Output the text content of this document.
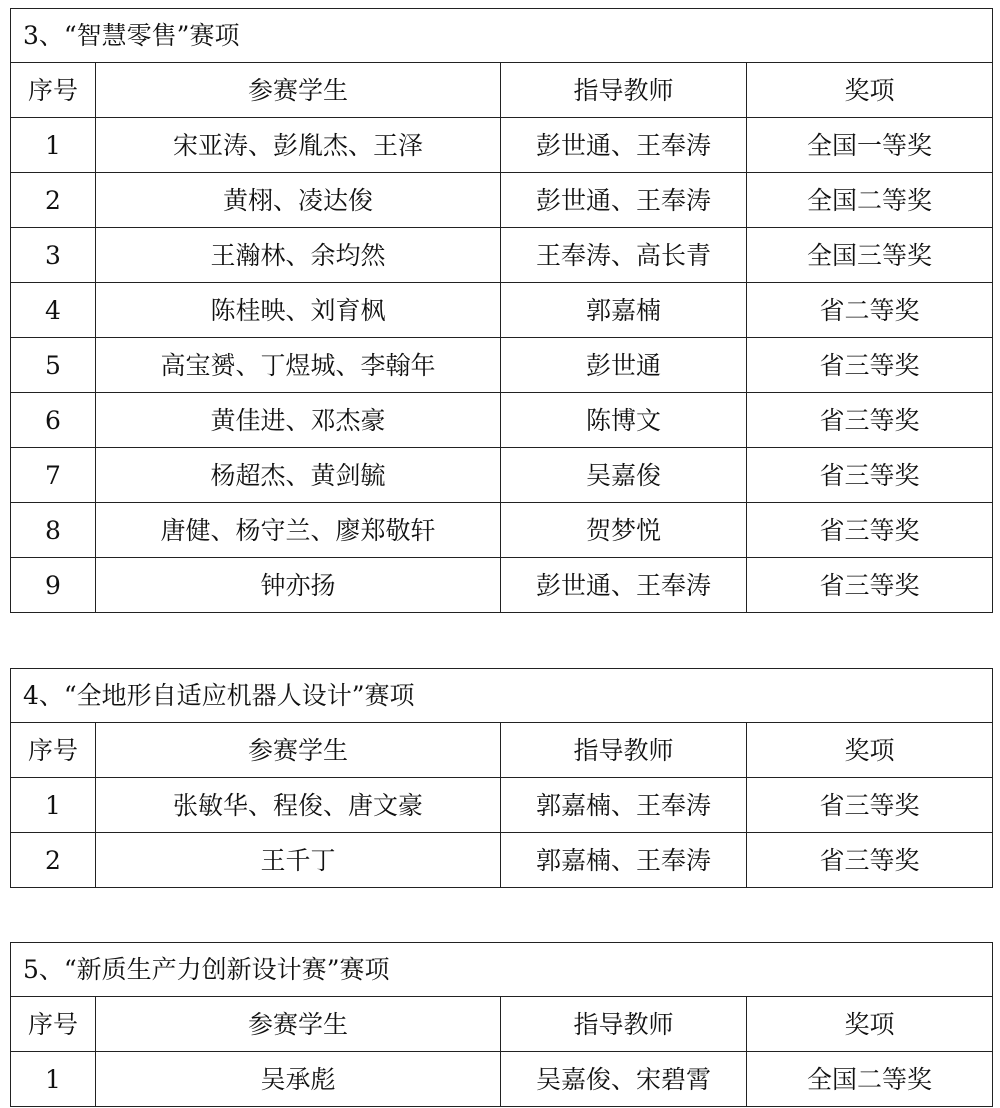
3、“智慧零售”赛项			
序号	参赛学生	指导教师	奖项
1	宋亚涛、彭胤杰、王泽	彭世通、王奉涛	全国一等奖
2	黄栩、凌达俊	彭世通、王奉涛	全国二等奖
3	王瀚林、余均然	王奉涛、高长青	全国三等奖
4	陈桂映、刘育枫	郭嘉楠	省二等奖
5	高宝赟、丁煜城、李翰年	彭世通	省三等奖
6	黄佳进、邓杰豪	陈博文	省三等奖
7	杨超杰、黄剑毓	吴嘉俊	省三等奖
8	唐健、杨守兰、廖郑敬轩	贺梦悦	省三等奖
9	钟亦扬	彭世通、王奉涛	省三等奖
4、“全地形自适应机器人设计”赛项			
序号	参赛学生	指导教师	奖项
1	张敏华、程俊、唐文豪	郭嘉楠、王奉涛	省三等奖
2	王千丁	郭嘉楠、王奉涛	省三等奖
5、“新质生产力创新设计赛”赛项			
序号	参赛学生	指导教师	奖项
1	吴承彪	吴嘉俊、宋碧霄	全国二等奖
